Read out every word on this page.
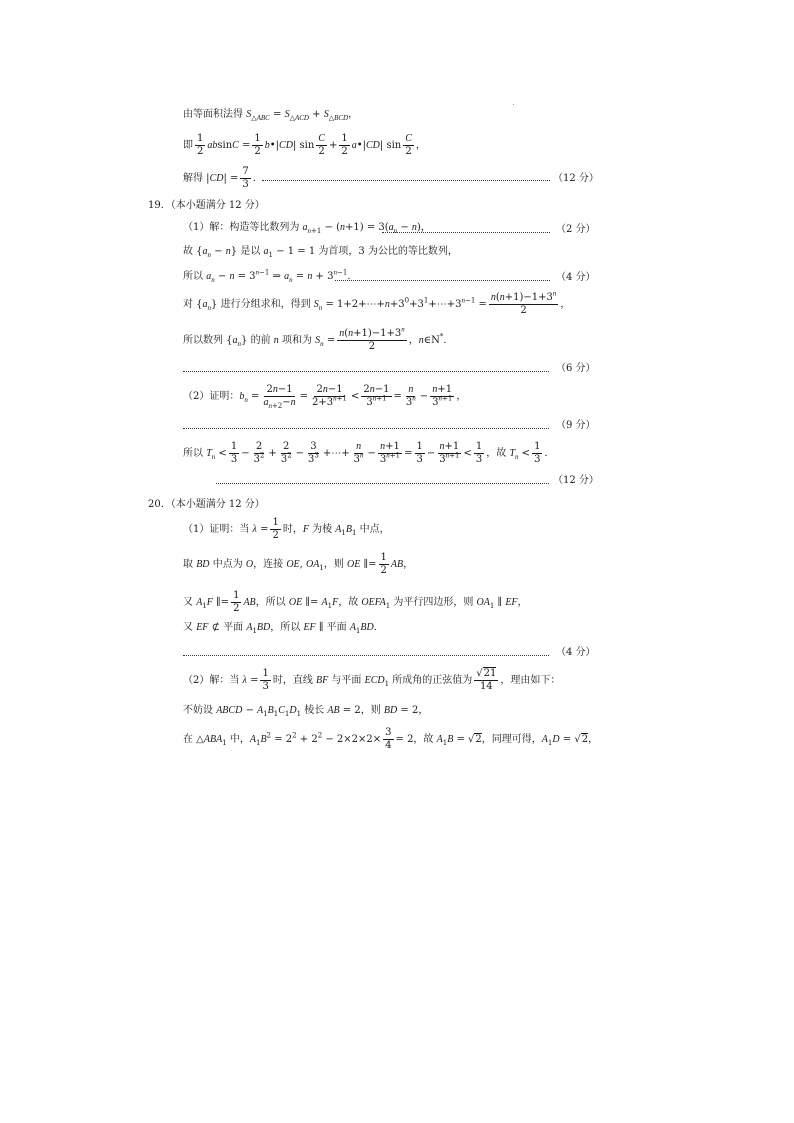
由等面积法得 $S_{\triangle ABC} = S_{\triangle ACD} + S_{\triangle BCD}$，
即 $\frac{1}{2}$ $absinC = \frac{1}{2}$ b•|CD| $\sin \frac{C}{2} + \frac{1}{2}$ a•|CD| $\sin \frac{C}{2}$ ，
解得 $|CD| = \frac{7}{3}$ ．	（12 分）
19．（本小题满分 12 分）
（1）解：构造等比数列为 $a_{n+1} - (n+1) = 3(a_n - n)$，	（2 分）
故 $\{a_n - n\}$ 是以 $a_1 - 1 = 1$ 为首项，3 为公比的等比数列，
所以 $a_n - n = 3^{n-1}$ ⇒ $a_n = n + 3^{n-1}$．	（4 分）
对 $\{a_n\}$ 进行分组求和，得到 $S_n$ = $1+2+\cdots+n+3^0+3^1+\cdots+3^{n-1} = \frac{n(n+1)-1+3^n}{2}$ ，
所以数列 $\{a_n\}$ 的前 n 项和为 $S_n = \frac{n(n+1)-1+3^n}{2}$ ，n∈N*．
（6 分）
（2）证明：$b_n = \frac{2n-1}{a_{n+2}-n} = \frac{2n-1}{2+3^{n+1}} < \frac{2n-1}{3^{n+1}} = \frac{n}{3^n} - \frac{n+1}{3^{n+1}}$ ，
（9 分）
所以 $T_n < \frac{1}{3} - \frac{2}{3^2} + \frac{2}{3^2} - \frac{3}{3^3}$ +⋯+ $\frac{n}{3^n} - \frac{n+1}{3^{n+1}} = \frac{1}{3} - \frac{n+1}{3^{n+1}} < \frac{1}{3}$ ，故 $T_n < \frac{1}{3}$ ．
（12 分）
20．（本小题满分 12 分）
（1）证明：当 $\lambda = \frac{1}{2}$ 时，F 为棱 $A_1B_1$ 中点，
取 BD 中点为 O，连接 OE, $OA_1$，则 OE ∥= $\frac{1}{2}$ AB，
又 $A_1F$ ∥= $\frac{1}{2}$ AB，所以 OE ∥= $A_1F$，故 $OEFA_1$ 为平行四边形，则 $OA_1$ ∥ EF，
又 EF ⊄ 平面 $A_1BD$，所以 EF ∥ 平面 $A_1BD$．
（4 分）
（2）解：当 $\lambda = \frac{1}{3}$ 时，直线 BF 与平面 $ECD_1$ 所成角的正弦值为 $\frac{√21}{14}$ ，理由如下：
不妨设 ABCD − $A_1B_1C_1D_1$ 棱长 AB = 2，则 BD = 2，
在 $\triangle ABA_1$ 中，$A_1B^2 = 2^2 + 2^2 - 2\times 2\times 2\times \frac{3}{4} = 2$，故 $A_1B = √2$，同理可得，$A_1D = √2$，
